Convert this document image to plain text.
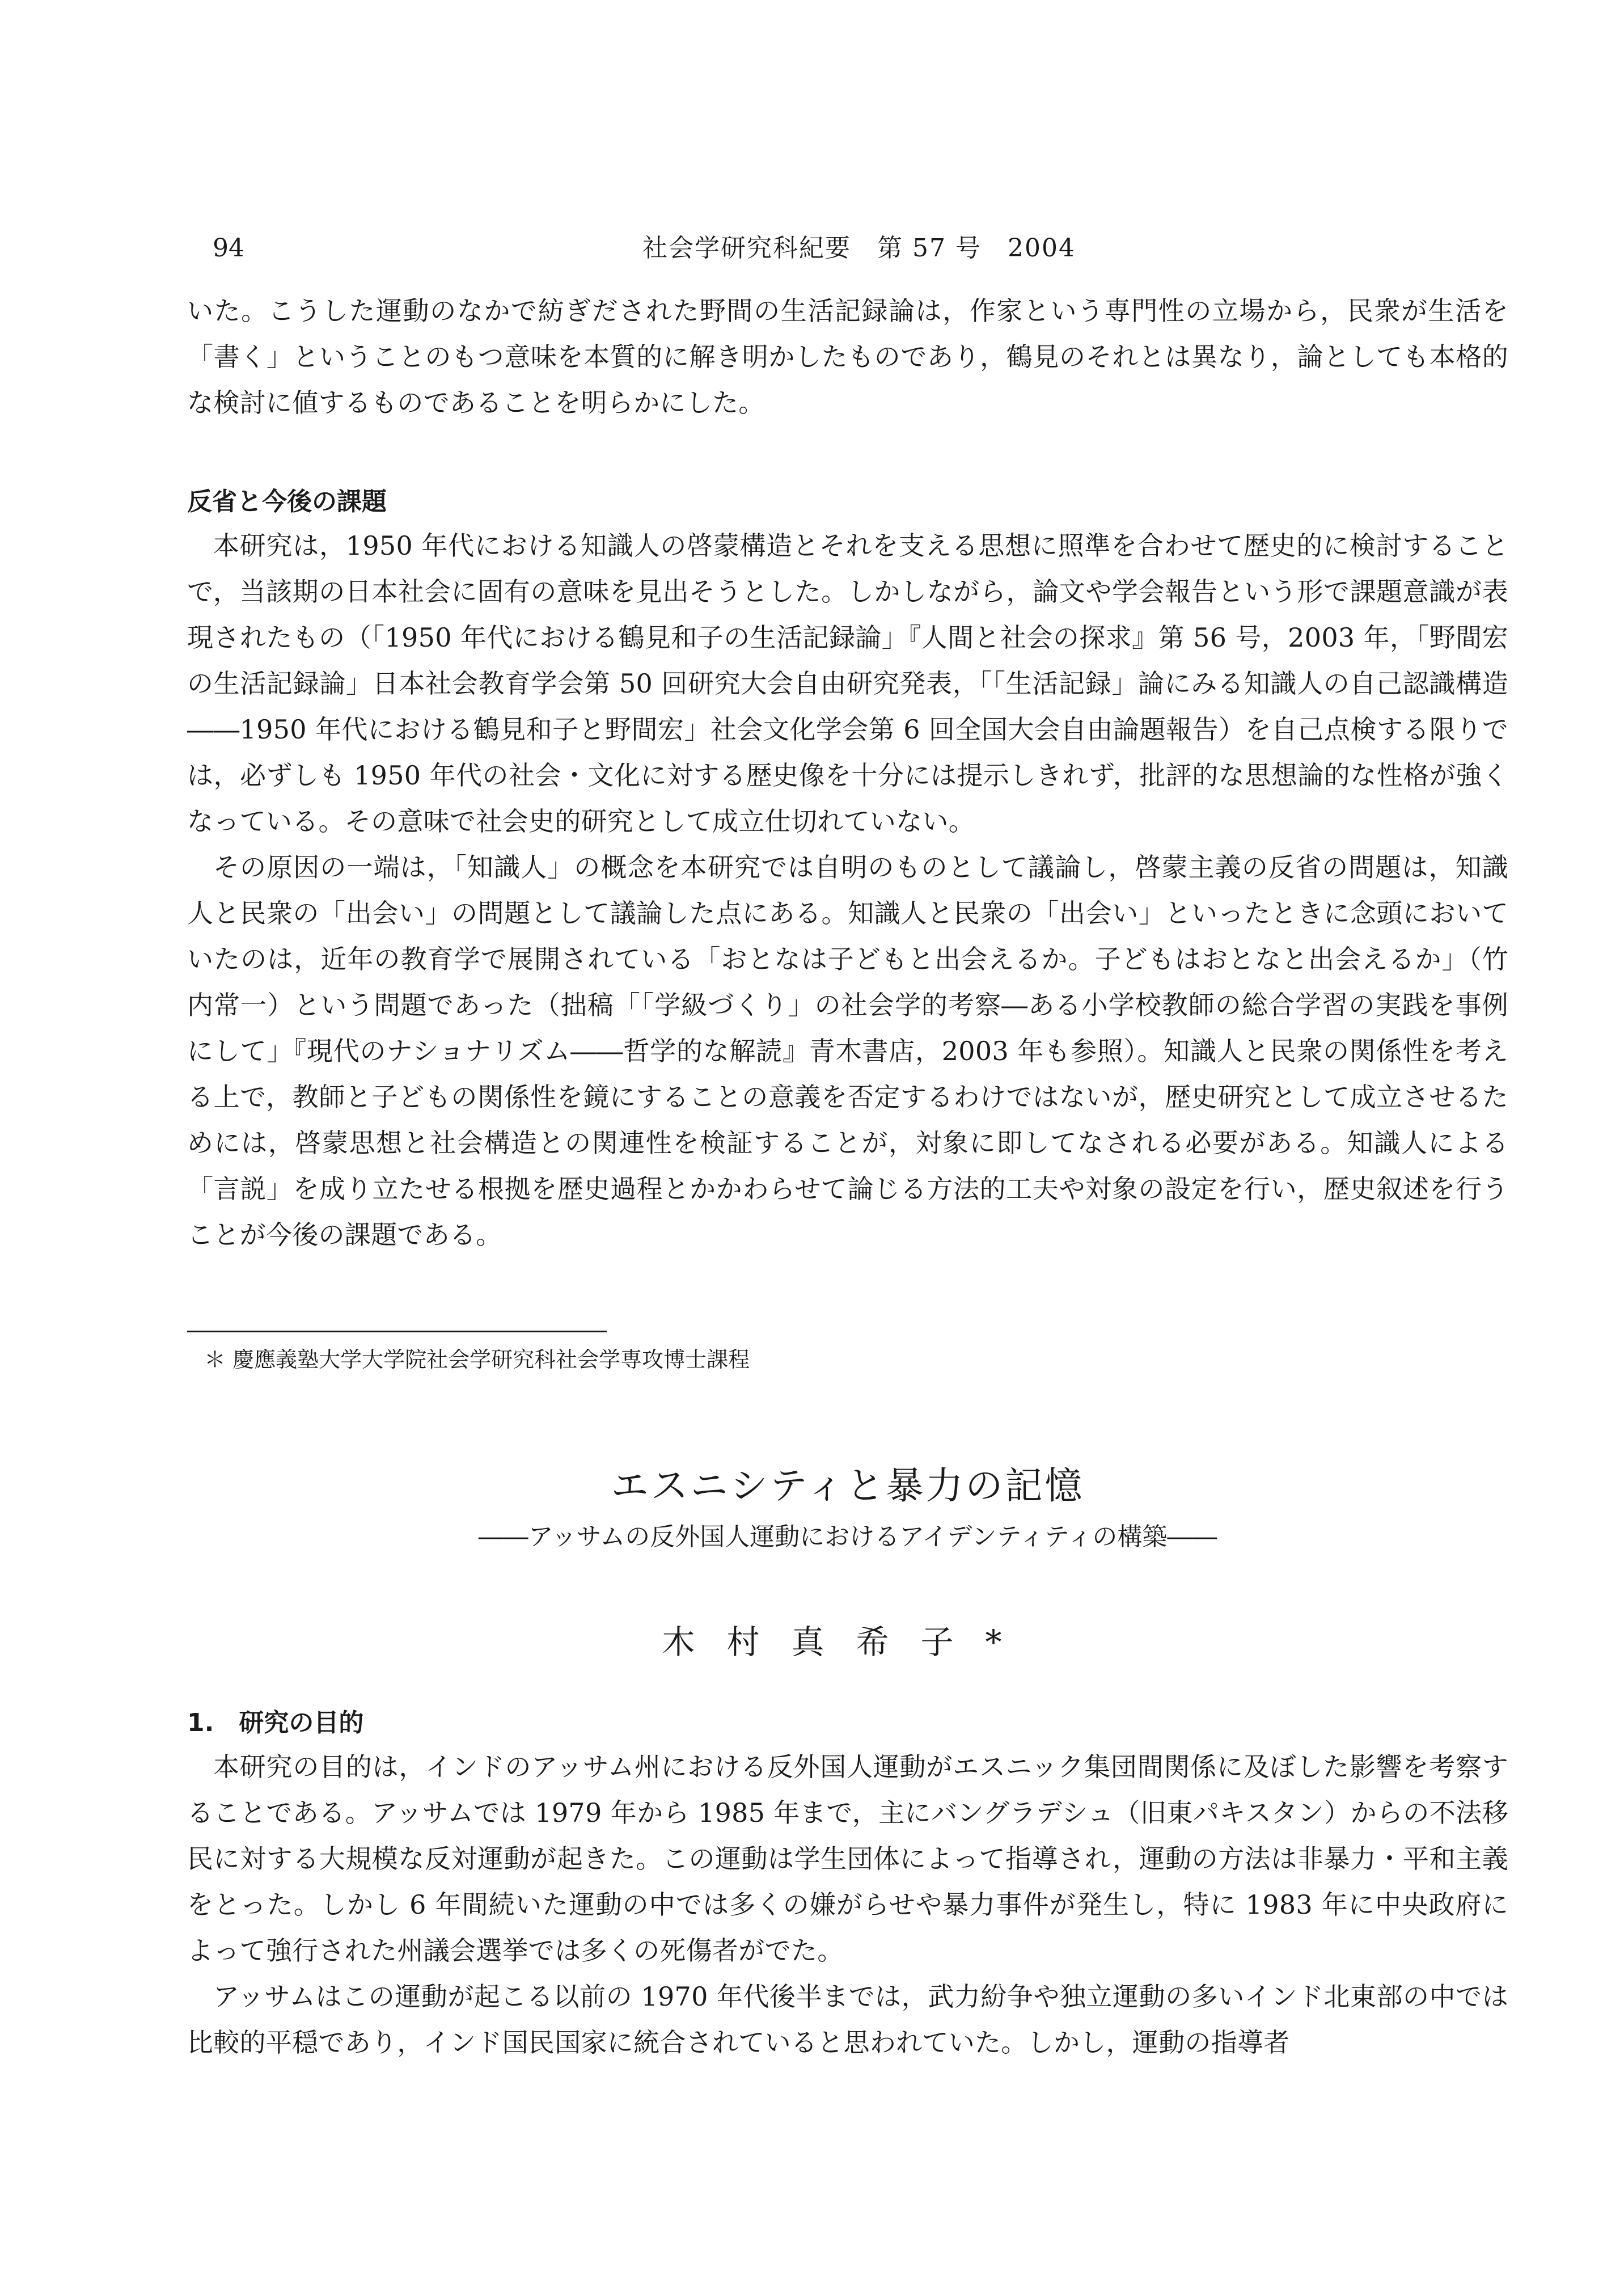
94	社会学研究科紀要　第 57 号　2004

いた。こうした運動のなかで紡ぎだされた野間の生活記録論は，作家という専門性の立場から，民衆が生活を「書く」ということのもつ意味を本質的に解き明かしたものであり，鶴見のそれとは異なり，論としても本格的な検討に値するものであることを明らかにした。

反省と今後の課題

本研究は，1950 年代における知識人の啓蒙構造とそれを支える思想に照準を合わせて歴史的に検討することで，当該期の日本社会に固有の意味を見出そうとした。しかしながら，論文や学会報告という形で課題意識が表現されたもの（「1950 年代における鶴見和子の生活記録論」『人間と社会の探求』第 56 号，2003 年，「野間宏の生活記録論」日本社会教育学会第 50 回研究大会自由研究発表，「「生活記録」論にみる知識人の自己認識構造――1950 年代における鶴見和子と野間宏」社会文化学会第 6 回全国大会自由論題報告）を自己点検する限りでは，必ずしも 1950 年代の社会・文化に対する歴史像を十分には提示しきれず，批評的な思想論的な性格が強くなっている。その意味で社会史的研究として成立仕切れていない。

その原因の一端は，「知識人」の概念を本研究では自明のものとして議論し，啓蒙主義の反省の問題は，知識人と民衆の「出会い」の問題として議論した点にある。知識人と民衆の「出会い」といったときに念頭においていたのは，近年の教育学で展開されている「おとなは子どもと出会えるか。子どもはおとなと出会えるか」（竹内常一）という問題であった（拙稿「「学級づくり」の社会学的考察―ある小学校教師の総合学習の実践を事例にして」『現代のナショナリズム――哲学的な解読』青木書店，2003 年も参照）。知識人と民衆の関係性を考える上で，教師と子どもの関係性を鏡にすることの意義を否定するわけではないが，歴史研究として成立させるためには，啓蒙思想と社会構造との関連性を検証することが，対象に即してなされる必要がある。知識人による「言説」を成り立たせる根拠を歴史過程とかかわらせて論じる方法的工夫や対象の設定を行い，歴史叙述を行うことが今後の課題である。

＊ 慶應義塾大学大学院社会学研究科社会学専攻博士課程
エスニシティと暴力の記憶
――アッサムの反外国人運動におけるアイデンティティの構築――
木村真希子*
1.　研究の目的

本研究の目的は，インドのアッサム州における反外国人運動がエスニック集団間関係に及ぼした影響を考察することである。アッサムでは 1979 年から 1985 年まで，主にバングラデシュ（旧東パキスタン）からの不法移民に対する大規模な反対運動が起きた。この運動は学生団体によって指導され，運動の方法は非暴力・平和主義をとった。しかし 6 年間続いた運動の中では多くの嫌がらせや暴力事件が発生し，特に 1983 年に中央政府によって強行された州議会選挙では多くの死傷者がでた。

アッサムはこの運動が起こる以前の 1970 年代後半までは，武力紛争や独立運動の多いインド北東部の中では比較的平穏であり，インド国民国家に統合されていると思われていた。しかし，運動の指導者
